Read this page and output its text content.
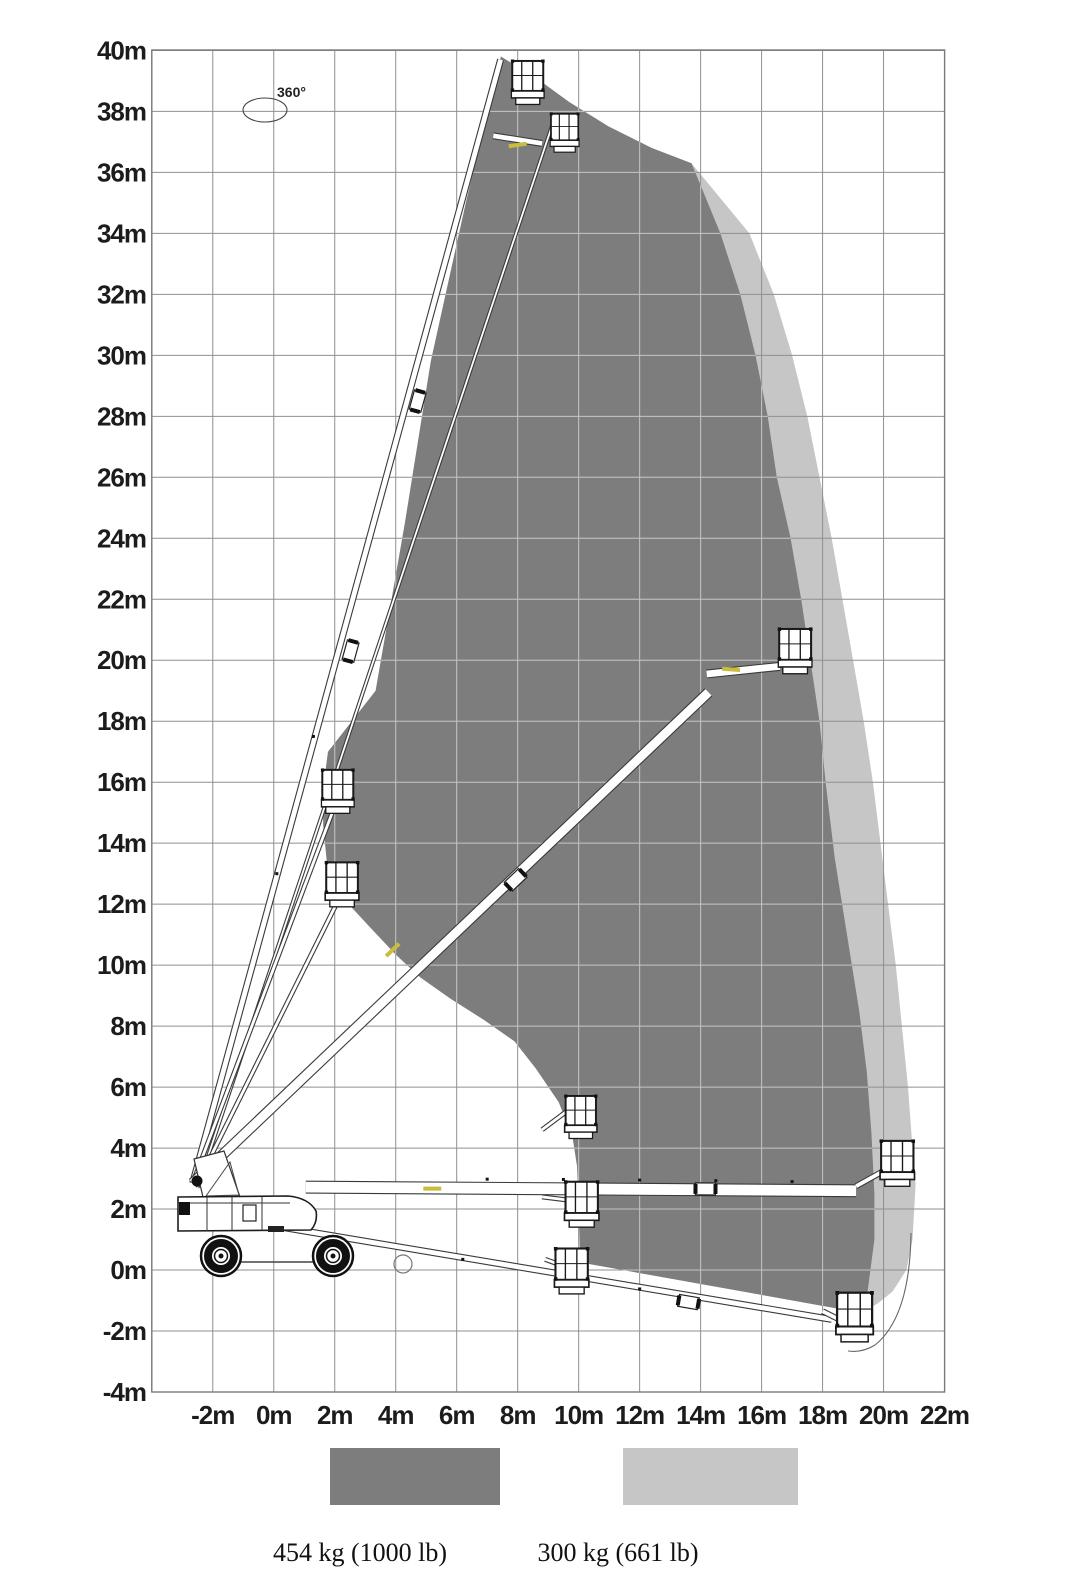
40m
38m
36m
34m
32m
30m
28m
26m
24m
22m
20m
18m
16m
14m
12m
10m
8m
6m
4m
2m
0m
-2m
-4m
-2m 0m 2m 4m 6m 8m 10m 12m 14m 16m 18m 20m 22m
360°
454 kg (1000 lb)	300 kg (661 lb)
